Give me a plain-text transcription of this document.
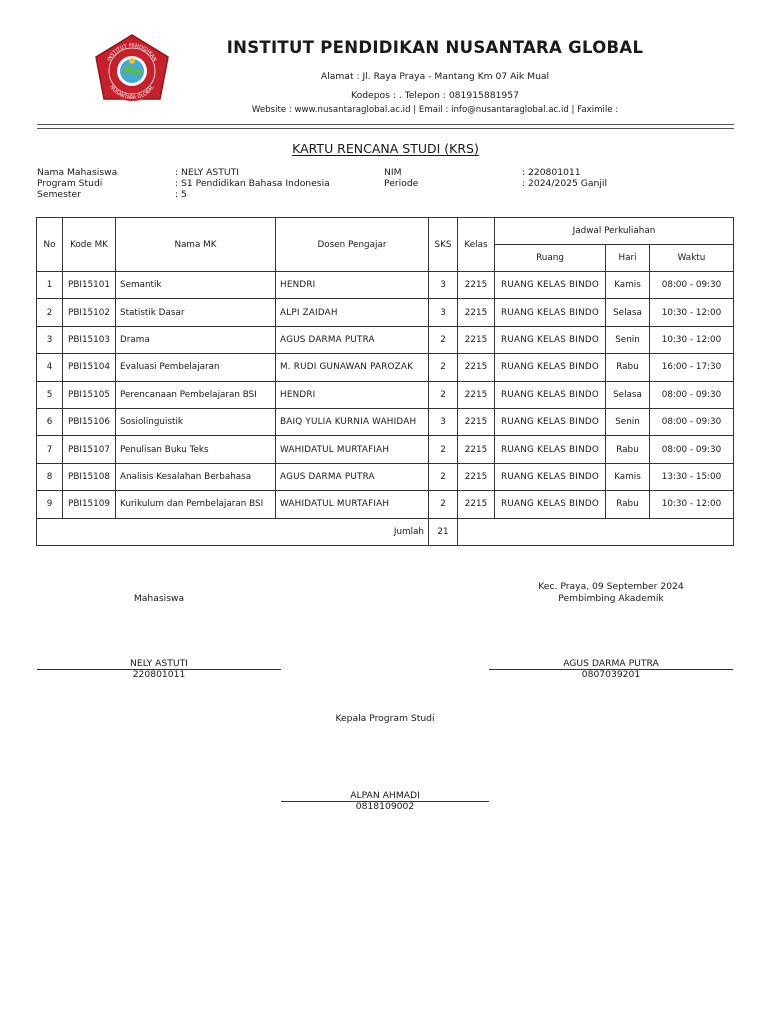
INSTITUT PENDIDIKAN
NUSANTARA GLOBAL
INSTITUT PENDIDIKAN NUSANTARA GLOBAL
Alamat : Jl. Raya Praya - Mantang Km 07 Aik Mual
Kodepos : . Telepon : 081915881957
Website : www.nusantaraglobal.ac.id | Email : info@nusantaraglobal.ac.id | Faximile :
KARTU RENCANA STUDI (KRS)
Nama Mahasiswa	: NELY ASTUTI	NIM	: 220801011
Program Studi	: S1 Pendidikan Bahasa Indonesia	Periode	: 2024/2025 Ganjil
Semester	: 5
No	Kode MK	Nama MK	Dosen Pengajar	SKS	Kelas	Jadwal Perkuliahan		
						Ruang	Hari	Waktu
1	PBI15101	Semantik	HENDRI	3	2215	RUANG KELAS BINDO	Kamis	08:00 - 09:30
2	PBI15102	Statistik Dasar	ALPI ZAIDAH	3	2215	RUANG KELAS BINDO	Selasa	10:30 - 12:00
3	PBI15103	Drama	AGUS DARMA PUTRA	2	2215	RUANG KELAS BINDO	Senin	10:30 - 12:00
4	PBI15104	Evaluasi Pembelajaran	M. RUDI GUNAWAN PAROZAK	2	2215	RUANG KELAS BINDO	Rabu	16:00 - 17:30
5	PBI15105	Perencanaan Pembelajaran BSI	HENDRI	2	2215	RUANG KELAS BINDO	Selasa	08:00 - 09:30
6	PBI15106	Sosiolinguistik	BAIQ YULIA KURNIA WAHIDAH	3	2215	RUANG KELAS BINDO	Senin	08:00 - 09:30
7	PBI15107	Penulisan Buku Teks	WAHIDATUL MURTAFIAH	2	2215	RUANG KELAS BINDO	Rabu	08:00 - 09:30
8	PBI15108	Analisis Kesalahan Berbahasa	AGUS DARMA PUTRA	2	2215	RUANG KELAS BINDO	Kamis	13:30 - 15:00
9	PBI15109	Kurikulum dan Pembelajaran BSI	WAHIDATUL MURTAFIAH	2	2215	RUANG KELAS BINDO	Rabu	10:30 - 12:00
Jumlah				21				
Mahasiswa
Kec. Praya, 09 September 2024
Pembimbing Akademik
NELY ASTUTI
220801011
AGUS DARMA PUTRA
0807039201
Kepala Program Studi
ALPAN AHMADI
0818109002
